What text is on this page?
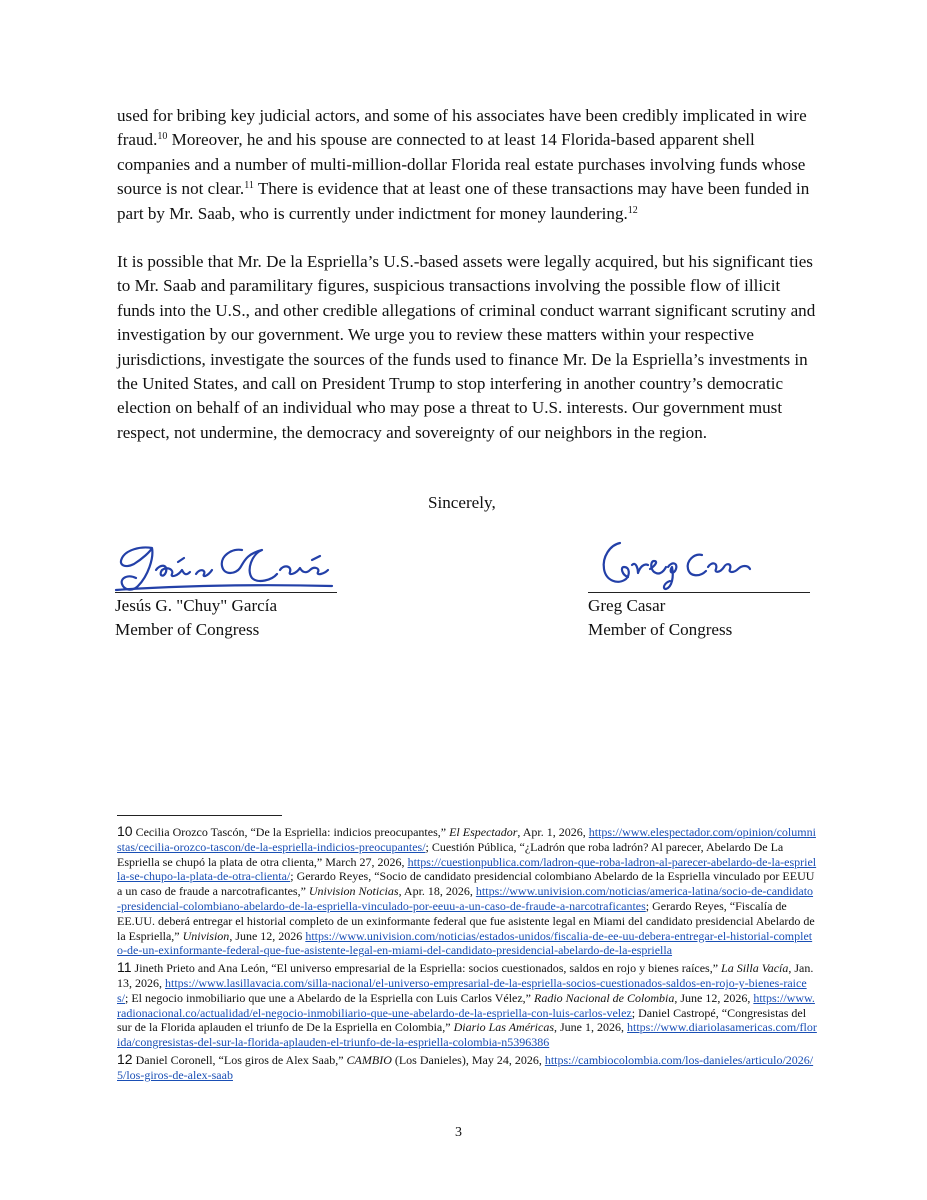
used for bribing key judicial actors, and some of his associates have been credibly implicated in wire fraud.$^{10}$ Moreover, he and his spouse are connected to at least 14 Florida-based apparent shell companies and a number of multi-million-dollar Florida real estate purchases involving funds whose source is not clear.$^{11}$ There is evidence that at least one of these transactions may have been funded in part by Mr. Saab, who is currently under indictment for money laundering.$^{12}$

It is possible that Mr. De la Espriella’s U.S.-based assets were legally acquired, but his significant ties to Mr. Saab and paramilitary figures, suspicious transactions involving the possible flow of illicit funds into the U.S., and other credible allegations of criminal conduct warrant significant scrutiny and investigation by our government. We urge you to review these matters within your respective jurisdictions, investigate the sources of the funds used to finance Mr. De la Espriella’s investments in the United States, and call on President Trump to stop interfering in another country’s democratic election on behalf of an individual who may pose a threat to U.S. interests. Our government must respect, not undermine, the democracy and sovereignty of our neighbors in the region.

Sincerely,
Jesús G. "Chuy" García
Member of Congress
Greg Casar
Member of Congress

10 Cecilia Orozco Tascón, “De la Espriella: indicios preocupantes,” El Espectador, Apr. 1, 2026, https://www.elespectador.com/opinion/columnistas/cecilia-orozco-tascon/de-la-espriella-indicios-preocupantes/; Cuestión Pública, “¿Ladrón que roba ladrón? Al parecer, Abelardo De La Espriella se chupó la plata de otra clienta,” March 27, 2026, https://cuestionpublica.com/ladron-que-roba-ladron-al-parecer-abelardo-de-la-espriella-se-chupo-la-plata-de-otra-clienta/; Gerardo Reyes, “Socio de candidato presidencial colombiano Abelardo de la Espriella vinculado por EEUU a un caso de fraude a narcotraficantes,” Univision Noticias, Apr. 18, 2026, https://www.univision.com/noticias/america-latina/socio-de-candidato-presidencial-colombiano-abelardo-de-la-espriella-vinculado-por-eeuu-a-un-caso-de-fraude-a-narcotraficantes; Gerardo Reyes, “Fiscalía de EE.UU. deberá entregar el historial completo de un exinformante federal que fue asistente legal en Miami del candidato presidencial Abelardo de la Espriella,” Univision, June 12, 2026 https://www.univision.com/noticias/estados-unidos/fiscalia-de-ee-uu-debera-entregar-el-historial-completo-de-un-exinformante-federal-que-fue-asistente-legal-en-miami-del-candidato-presidencial-abelardo-de-la-espriella

11 Jineth Prieto and Ana León, “El universo empresarial de la Espriella: socios cuestionados, saldos en rojo y bienes raíces,” La Silla Vacía, Jan. 13, 2026, https://www.lasillavacia.com/silla-nacional/el-universo-empresarial-de-la-espriella-socios-cuestionados-saldos-en-rojo-y-bienes-raices/; El negocio inmobiliario que une a Abelardo de la Espriella con Luis Carlos Vélez,” Radio Nacional de Colombia, June 12, 2026, https://www.radionacional.co/actualidad/el-negocio-inmobiliario-que-une-abelardo-de-la-espriella-con-luis-carlos-velez; Daniel Castropé, “Congresistas del sur de la Florida aplauden el triunfo de De la Espriella en Colombia,” Diario Las Américas, June 1, 2026, https://www.diariolasamericas.com/florida/congresistas-del-sur-la-florida-aplauden-el-triunfo-de-la-espriella-colombia-n5396386

12 Daniel Coronell, “Los giros de Alex Saab,” CAMBIO (Los Danieles), May 24, 2026, https://cambiocolombia.com/los-danieles/articulo/2026/5/los-giros-de-alex-saab

3
